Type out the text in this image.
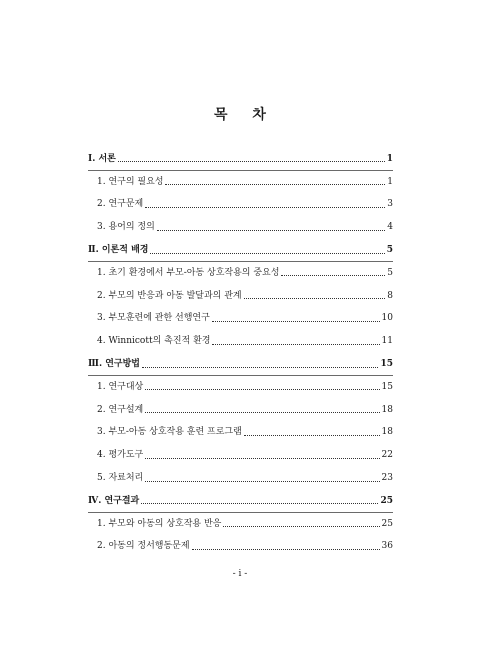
목 차
Ⅰ. 서론	1
1. 연구의 필요성	1
2. 연구문제	3
3. 용어의 정의	4
Ⅱ. 이론적 배경	5
1. 초기 환경에서 부모-아동 상호작용의 중요성	5
2. 부모의 반응과 아동 발달과의 관계	8
3. 부모훈련에 관한 선행연구	10
4. Winnicott의 촉진적 환경	11
Ⅲ. 연구방법	15
1. 연구대상	15
2. 연구설계	18
3. 부모-아동 상호작용 훈련 프로그램	18
4. 평가도구	22
5. 자료처리	23
Ⅳ. 연구결과	25
1. 부모와 아동의 상호작용 반응	25
2. 아동의 정서행동문제	36
- i -
